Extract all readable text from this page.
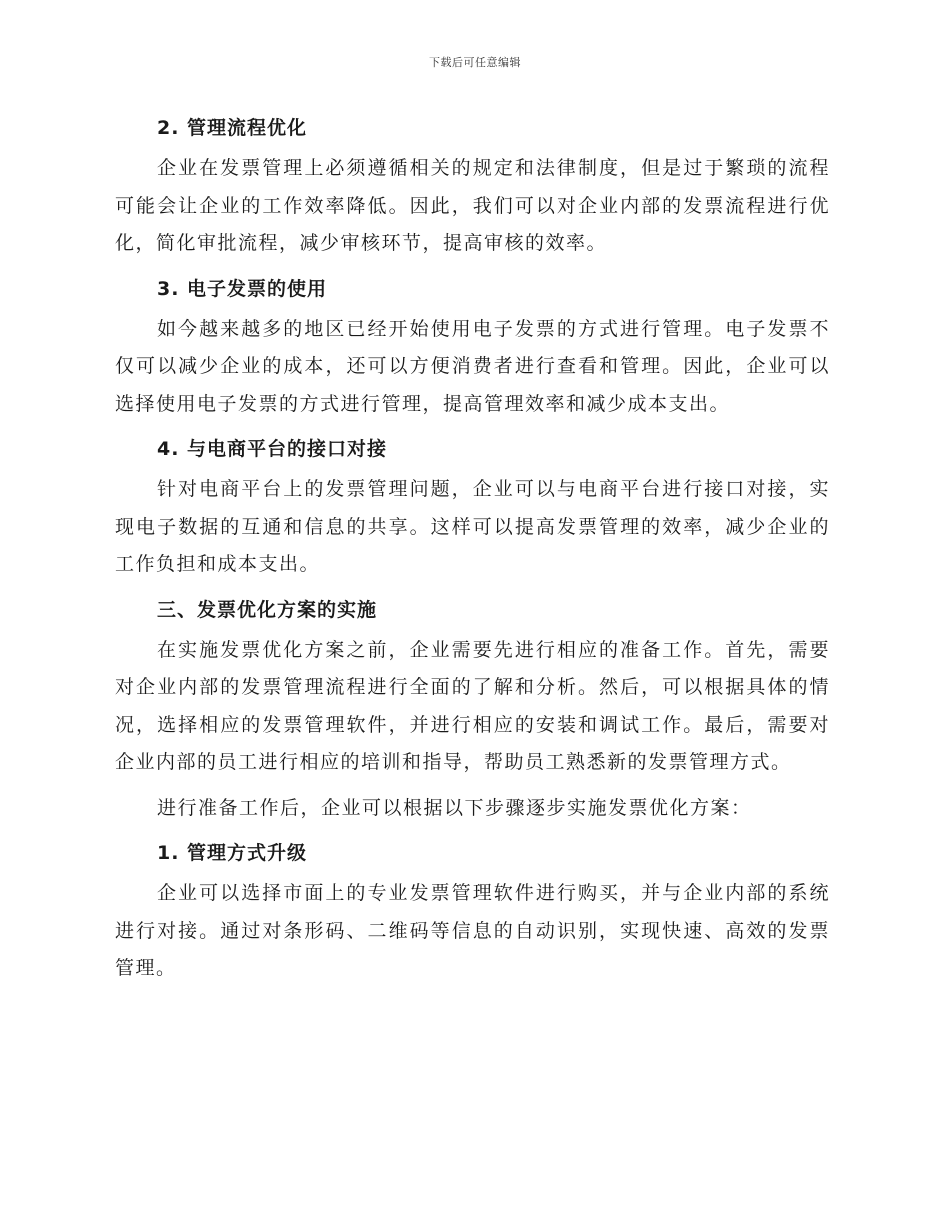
下载后可任意编辑
2. 管理流程优化

企业在发票管理上必须遵循相关的规定和法律制度，但是过于繁琐的流程可能会让企业的工作效率降低。因此，我们可以对企业内部的发票流程进行优化，简化审批流程，减少审核环节，提高审核的效率。

3. 电子发票的使用

如今越来越多的地区已经开始使用电子发票的方式进行管理。电子发票不仅可以减少企业的成本，还可以方便消费者进行查看和管理。因此，企业可以选择使用电子发票的方式进行管理，提高管理效率和减少成本支出。

4. 与电商平台的接口对接

针对电商平台上的发票管理问题，企业可以与电商平台进行接口对接，实现电子数据的互通和信息的共享。这样可以提高发票管理的效率，减少企业的工作负担和成本支出。

三、发票优化方案的实施

在实施发票优化方案之前，企业需要先进行相应的准备工作。首先，需要对企业内部的发票管理流程进行全面的了解和分析。然后，可以根据具体的情况，选择相应的发票管理软件，并进行相应的安装和调试工作。最后，需要对企业内部的员工进行相应的培训和指导，帮助员工熟悉新的发票管理方式。

进行准备工作后，企业可以根据以下步骤逐步实施发票优化方案：

1. 管理方式升级

企业可以选择市面上的专业发票管理软件进行购买，并与企业内部的系统进行对接。通过对条形码、二维码等信息的自动识别，实现快速、高效的发票管理。
